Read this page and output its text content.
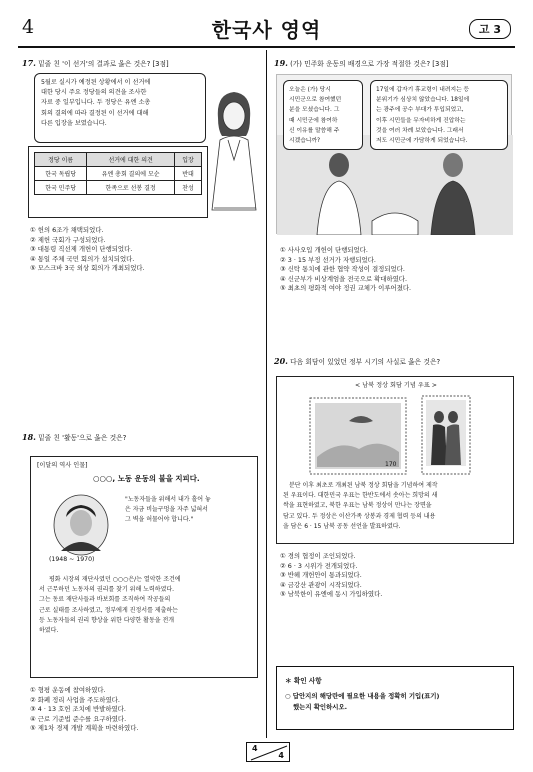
4	한국사 영역	고 3
17. 밑줄 친 '이 선거'의 결과로 옳은 것은? [3점]
5월로 실시가 예정된 상황에서 이 선거에
대한 당시 주요 정당들의 의견을 조사한
자료 중 일부입니다. 두 정당은 유엔 소총
회의 결의에 따라 결정된 이 선거에 대해
다른 입장을 보였습니다.
정당 이름	선거에 대한 의견	입장
한국 독립당	유엔 총회 결의에 모순	반대
한국 민주당	한족으로 선봉 결정	찬성
① 헌의 6조가 채택되었다.
② 제헌 국회가 구성되었다.
③ 대통령 직선제 개헌이 단행되었다.
④ 통일 주체 국민 회의가 설치되었다.
⑤ 모스크바 3국 외상 회의가 개최되었다.
18. 밑줄 친 '활동'으로 옳은 것은?
[이달의 역사 인물]
○○○, 노동 운동의 불을 지피다.
"노동자들을 위해서 내가 흘어 놓
은 자금 비늘구멍을 자주 넓혀서
그 벽을 허물어야 합니다."
(1948 ~ 1970)
평화 시장의 재단사였던 ○○○은/는 열악한 조건에
서 근무하던 노동자의 권리를 찾기 위해 노력하였다.
그는 동료 재단사들과 바보회를 조직하여 작공들의
근로 실태를 조사하였고, 정부에게 진정서를 제출하는
등 노동자들의 권리 향상을 위한 다양한 활동을 전개
하였다.
① 형평 운동에 참여하였다.
② 화폐 정리 사업을 주도하였다.
③ 4 · 13 호헌 조치에 반발하였다.
④ 근로 기준법 준수를 요구하였다.
⑤ 제1차 경제 개발 계획을 마련하였다.
19. (가) 민주화 운동의 배경으로 가장 적절한 것은? [3점]
오늘은 (가) 당시
시민군으로 참여했던
분을 모셨습니다. 그
때 시민군에 참여하
신 이유를 말씀해 주
시겠습니까?
17일에 갑자기 휴교령이 내려지는 등
분위기가 심상치 않았습니다. 18일에
는 광주에 공수 부대가 투입되었고,
이후 시민들을 무자비하게 진압하는
것을 여러 차례 보았습니다. 그래서
저도 시민군에 가담하게 되었습니다.
① 사사오입 개헌이 단행되었다.
② 3 · 15 부정 선거가 자행되었다.
③ 신탁 통치에 관한 협약 작성이 결정되었다.
④ 신군부가 비상계엄을 전국으로 확대하였다.
⑤ 최초의 평화적 여야 정권 교체가 이루어졌다.
20. 다음 회담이 있었던 정부 시기의 사실로 옳은 것은?
< 남북 정상 회담 기념 우표 >
170
분단 이후 최초로 개최된 남북 정상 회담을 기념하여 제작
된 우표이다. 대한민국 우표는 한반도에서 솟아는 희망의 새
싹을 표현하였고, 북한 우표는 남북 정상이 만나는 장면을
담고 있다. 두 정상은 이산가족 상봉과 경제 협력 등의 내용
을 담은 6 · 15 남북 공동 선언을 발표하였다.
① 경의 협정이 조인되었다.
② 6 · 3 시위가 전개되었다.
③ 반헤 개헌안이 통과되었다.
④ 금강산 관광이 시작되었다.
⑤ 남북한이 유엔에 동시 가입하였다.
＊ 확인 사항
○ 답안지의 해당란에 필요한 내용을 정확히 기입(표기)
했는지 확인하시오.
4
4
